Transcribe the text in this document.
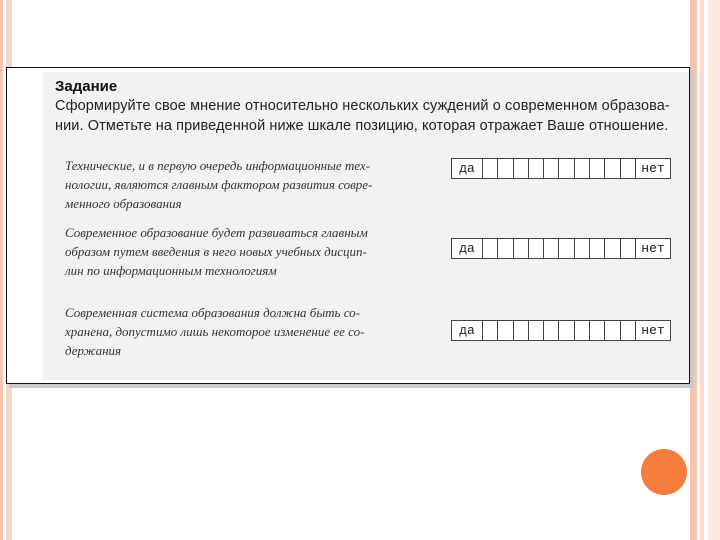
Задание
Сформируйте свое мнение относительно нескольких суждений о современном образова-
нии. Отметьте на приведенной ниже шкале позицию, которая отражает Ваше отношение.
Технические, и в первую очередь информационные тех-
нологии, являются главным фактором развития совре-
менного образования
да	нет
Современное образование будет развиваться главным
образом путем введения в него новых учебных дисцип-
лин по информационным технологиям
да	нет
Современная система образования должна быть со-
хранена, допустимо лишь некоторое изменение ее со-
держания
да	нет
